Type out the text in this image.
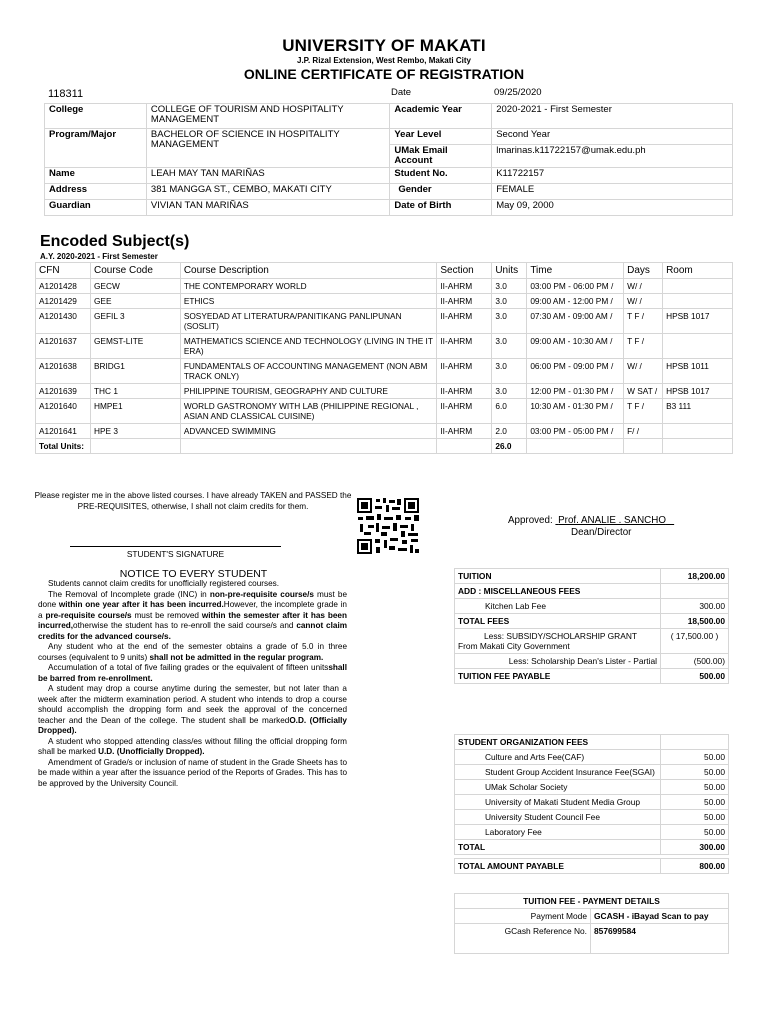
UNIVERSITY OF MAKATI
J.P. Rizal Extension, West Rembo, Makati City
ONLINE CERTIFICATE OF REGISTRATION
118311	Date	09/25/2020
College	COLLEGE OF TOURISM AND HOSPITALITY MANAGEMENT	Academic Year	2020-2021 - First Semester
Program/Major	BACHELOR OF SCIENCE IN HOSPITALITY MANAGEMENT	Year Level	Second Year
		UMak Email Account	lmarinas.k11722157@umak.edu.ph
Name	LEAH MAY TAN MARIÑAS	Student No.	K11722157
Address	381 MANGGA ST., CEMBO, MAKATI CITY	Gender	FEMALE
Guardian	VIVIAN TAN MARIÑAS	Date of Birth	May 09, 2000
Encoded Subject(s)
A.Y. 2020-2021 - First Semester
CFN	Course Code	Course Description	Section	Units	Time	Days	Room
A1201428	GECW	THE CONTEMPORARY WORLD	II-AHRM	3.0	03:00 PM - 06:00 PM /	W/ /	
A1201429	GEE	ETHICS	II-AHRM	3.0	09:00 AM - 12:00 PM /	W/ /	
A1201430	GEFIL 3	SOSYEDAD AT LITERATURA/PANITIKANG PANLIPUNAN (SOSLIT)	II-AHRM	3.0	07:30 AM - 09:00 AM /	T F /	HPSB 1017
A1201637	GEMST-LITE	MATHEMATICS SCIENCE AND TECHNOLOGY (LIVING IN THE IT ERA)	II-AHRM	3.0	09:00 AM - 10:30 AM /	T F /	
A1201638	BRIDG1	FUNDAMENTALS OF ACCOUNTING MANAGEMENT (NON ABM TRACK ONLY)	II-AHRM	3.0	06:00 PM - 09:00 PM /	W/ /	HPSB 1011
A1201639	THC 1	PHILIPPINE TOURISM, GEOGRAPHY AND CULTURE	II-AHRM	3.0	12:00 PM - 01:30 PM /	W SAT /	HPSB 1017
A1201640	HMPE1	WORLD GASTRONOMY WITH LAB (PHILIPPINE REGIONAL , ASIAN AND CLASSICAL CUISINE)	II-AHRM	6.0	10:30 AM - 01:30 PM /	T F /	B3 111
A1201641	HPE 3	ADVANCED SWIMMING	II-AHRM	2.0	03:00 PM - 05:00 PM /	F/ /	
Total Units:				26.0			
Please register me in the above listed courses. I have already TAKEN and PASSED the PRE-REQUISITES, otherwise, I shall not claim credits for them.
Approved: Prof. ANALIE . SANCHO
Dean/Director
STUDENT'S SIGNATURE
NOTICE TO EVERY STUDENT

Students cannot claim credits for unofficially registered courses.

The Removal of Incomplete grade (INC) in non-pre-requisite course/s must be done within one year after it has been incurred.However, the incomplete grade in a pre-requisite course/s must be removed within the semester after it has been incurred,otherwise the student has to re-enroll the said course/s and cannot claim credits for the advanced course/s.

Any student who at the end of the semester obtains a grade of 5.0 in three courses (equivalent to 9 units) shall not be admitted in the regular program.

Accumulation of a total of five failing grades or the equivalent of fifteen unitsshall be barred from re-enrollment.

A student may drop a course anytime during the semester, but not later than a week after the midterm examination period. A student who intends to drop a course should accomplish the dropping form and seek the approval of the concerned teacher and the Dean of the college. The student shall be markedO.D. (Officially Dropped).

A student who stopped attending class/es without filling the official dropping form shall be marked U.D. (Unofficially Dropped).

Amendment of Grade/s or inclusion of name of student in the Grade Sheets has to be made within a year after the issuance period of the Reports of Grades. This has to be approved by the University Council.

TUITION	18,200.00
ADD : MISCELLANEOUS FEES	
Kitchen Lab Fee	300.00
TOTAL FEES	18,500.00
Less: SUBSIDY/SCHOLARSHIP GRANT From Makati City Government	( 17,500.00 )
Less: Scholarship Dean's Lister - Partial	(500.00)
TUITION FEE PAYABLE	500.00
STUDENT ORGANIZATION FEES	
Culture and Arts Fee(CAF)	50.00
Student Group Accident Insurance Fee(SGAI)	50.00
UMak Scholar Society	50.00
University of Makati Student Media Group	50.00
University Student Council Fee	50.00
Laboratory Fee	50.00
TOTAL	300.00
TOTAL AMOUNT PAYABLE	800.00
TUITION FEE - PAYMENT DETAILS	
Payment Mode	GCASH - iBayad Scan to pay
GCash Reference No.	857699584
